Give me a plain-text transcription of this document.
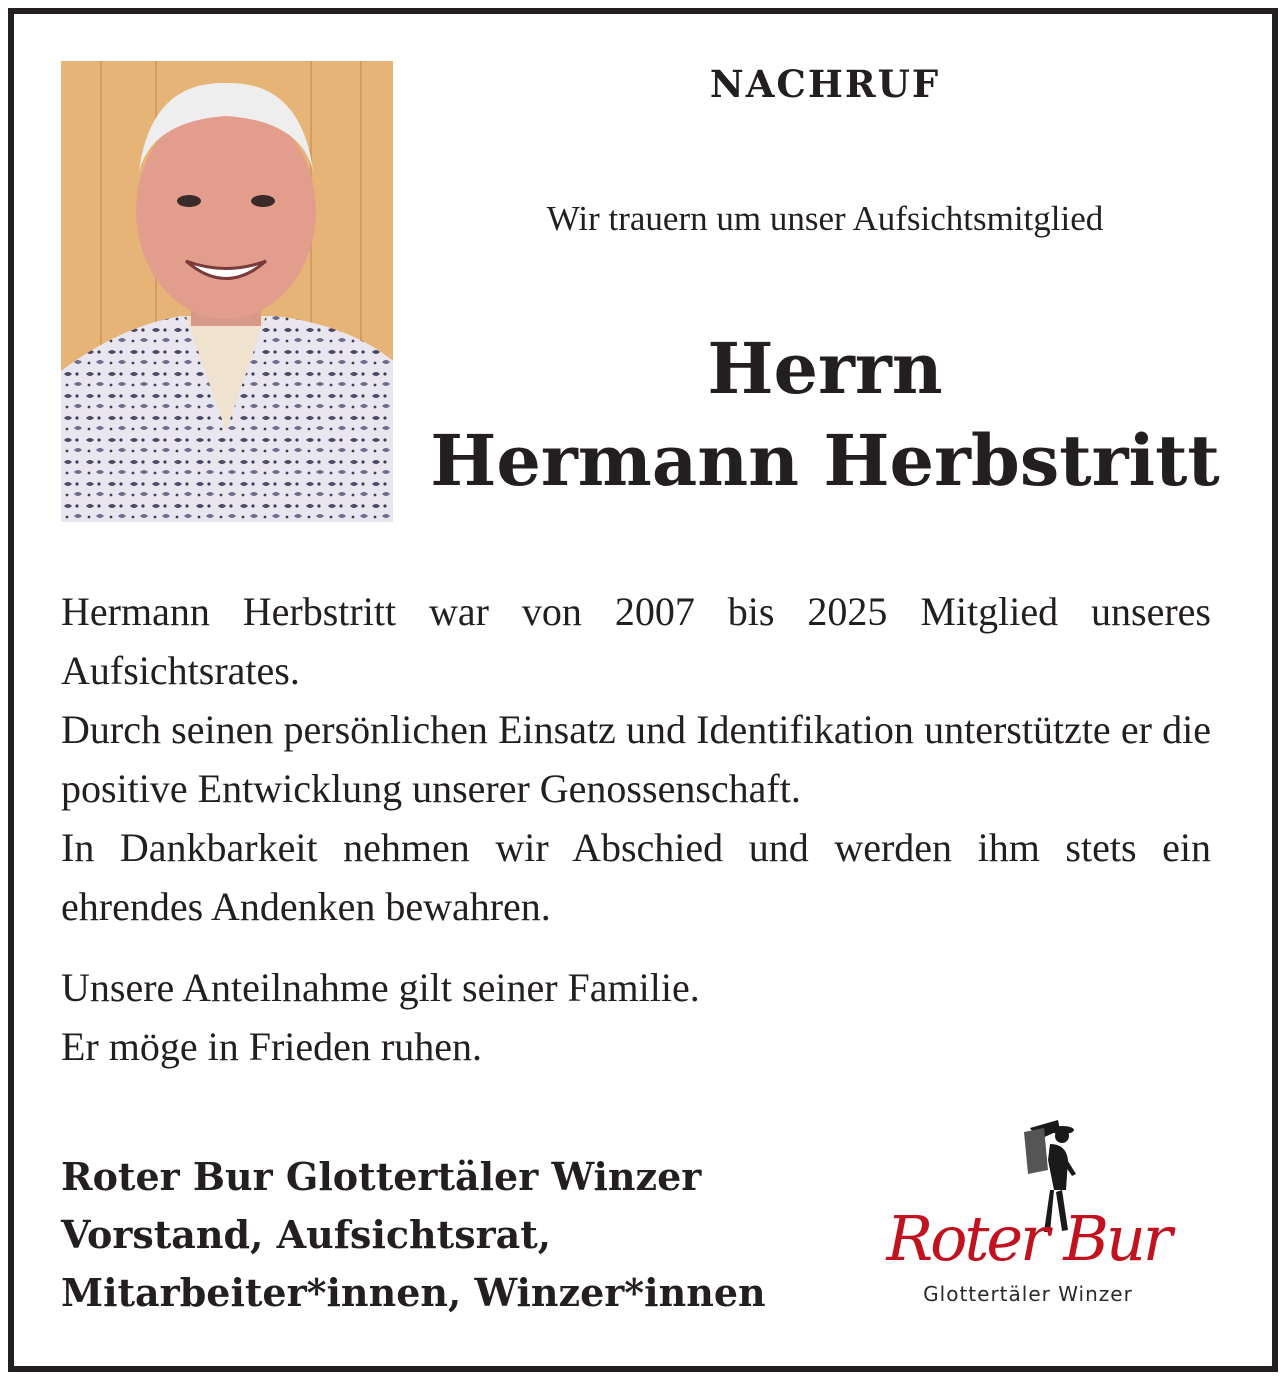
NACHRUF
Wir trauern um unser Aufsichtsmitglied
Herrn
Hermann Herbstritt

Hermann Herbstritt war von 2007 bis 2025 Mitglied unseres Aufsichtsrates.

Durch seinen persönlichen Einsatz und Identifikation unterstützte er die positive Entwicklung unserer Genossenschaft.

In Dankbarkeit nehmen wir Abschied und werden ihm stets ein ehrendes Andenken bewahren.

Unsere Anteilnahme gilt seiner Familie.

Er möge in Frieden ruhen.

Roter Bur Glottertäler Winzer
Vorstand, Aufsichtsrat,
Mitarbeiter*innen, Winzer*innen
Roter Bur
Glottertäler Winzer
